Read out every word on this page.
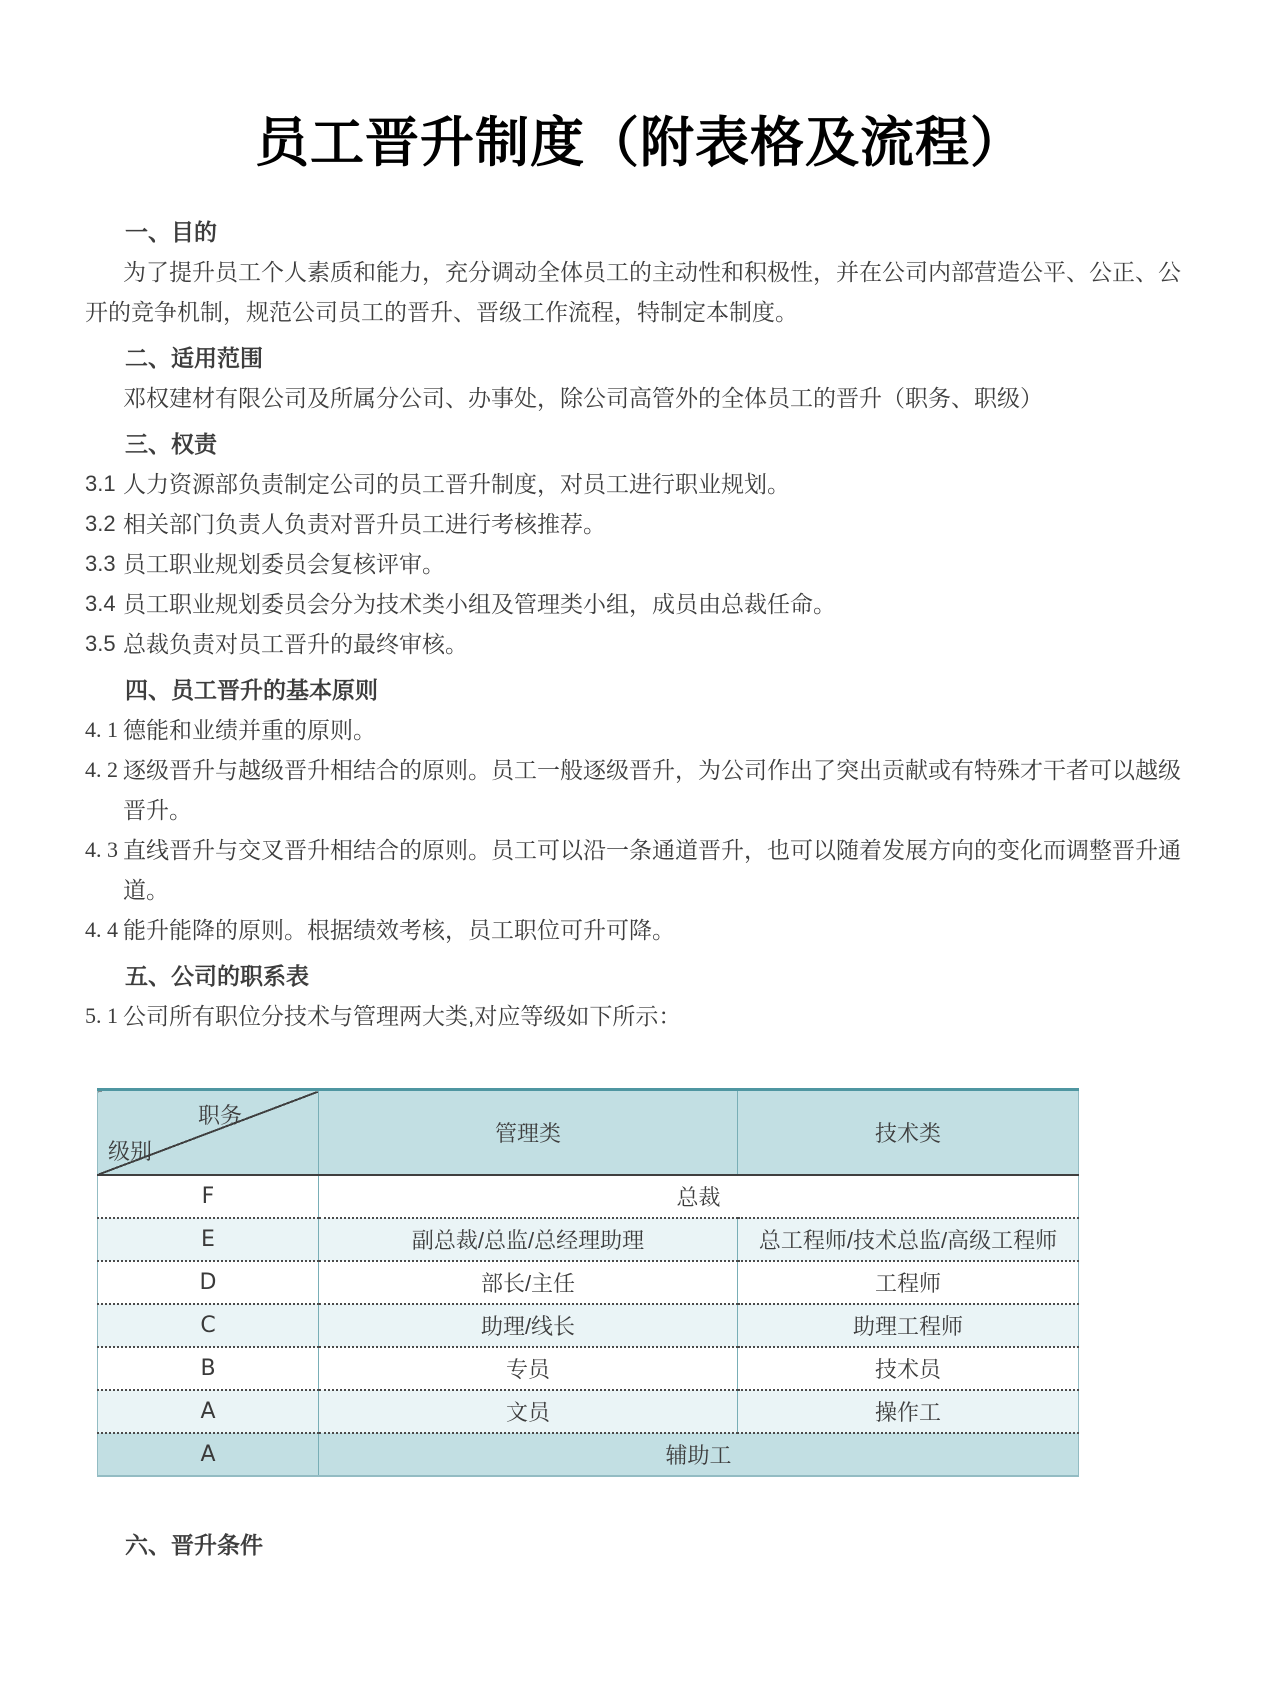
员工晋升制度（附表格及流程）

一、目的

为了提升员工个人素质和能力，充分调动全体员工的主动性和积极性，并在公司内部营造公平、公正、公开的竞争机制，规范公司员工的晋升、晋级工作流程，特制定本制度。

二、适用范围

邓权建材有限公司及所属分公司、办事处，除公司高管外的全体员工的晋升（职务、职级）

三、权责

3.1 人力资源部负责制定公司的员工晋升制度，对员工进行职业规划。
3.2 相关部门负责人负责对晋升员工进行考核推荐。
3.3 员工职业规划委员会复核评审。
3.4 员工职业规划委员会分为技术类小组及管理类小组，成员由总裁任命。
3.5 总裁负责对员工晋升的最终审核。

四、员工晋升的基本原则

4. 1 德能和业绩并重的原则。
4. 2 逐级晋升与越级晋升相结合的原则。员工一般逐级晋升，为公司作出了突出贡献或有特殊才干者可以越级晋升。
4. 3 直线晋升与交叉晋升相结合的原则。员工可以沿一条通道晋升，也可以随着发展方向的变化而调整晋升通道。
4. 4 能升能降的原则。根据绩效考核，员工职位可升可降。

五、公司的职系表

5. 1 公司所有职位分技术与管理两大类,对应等级如下所示：
职务
级别	管理类	技术类
F	总裁	
E	副总裁/总监/总经理助理	总工程师/技术总监/高级工程师
D	部长/主任	工程师
C	助理/线长	助理工程师
B	专员	技术员
A	文员	操作工
A	辅助工	

六、晋升条件
